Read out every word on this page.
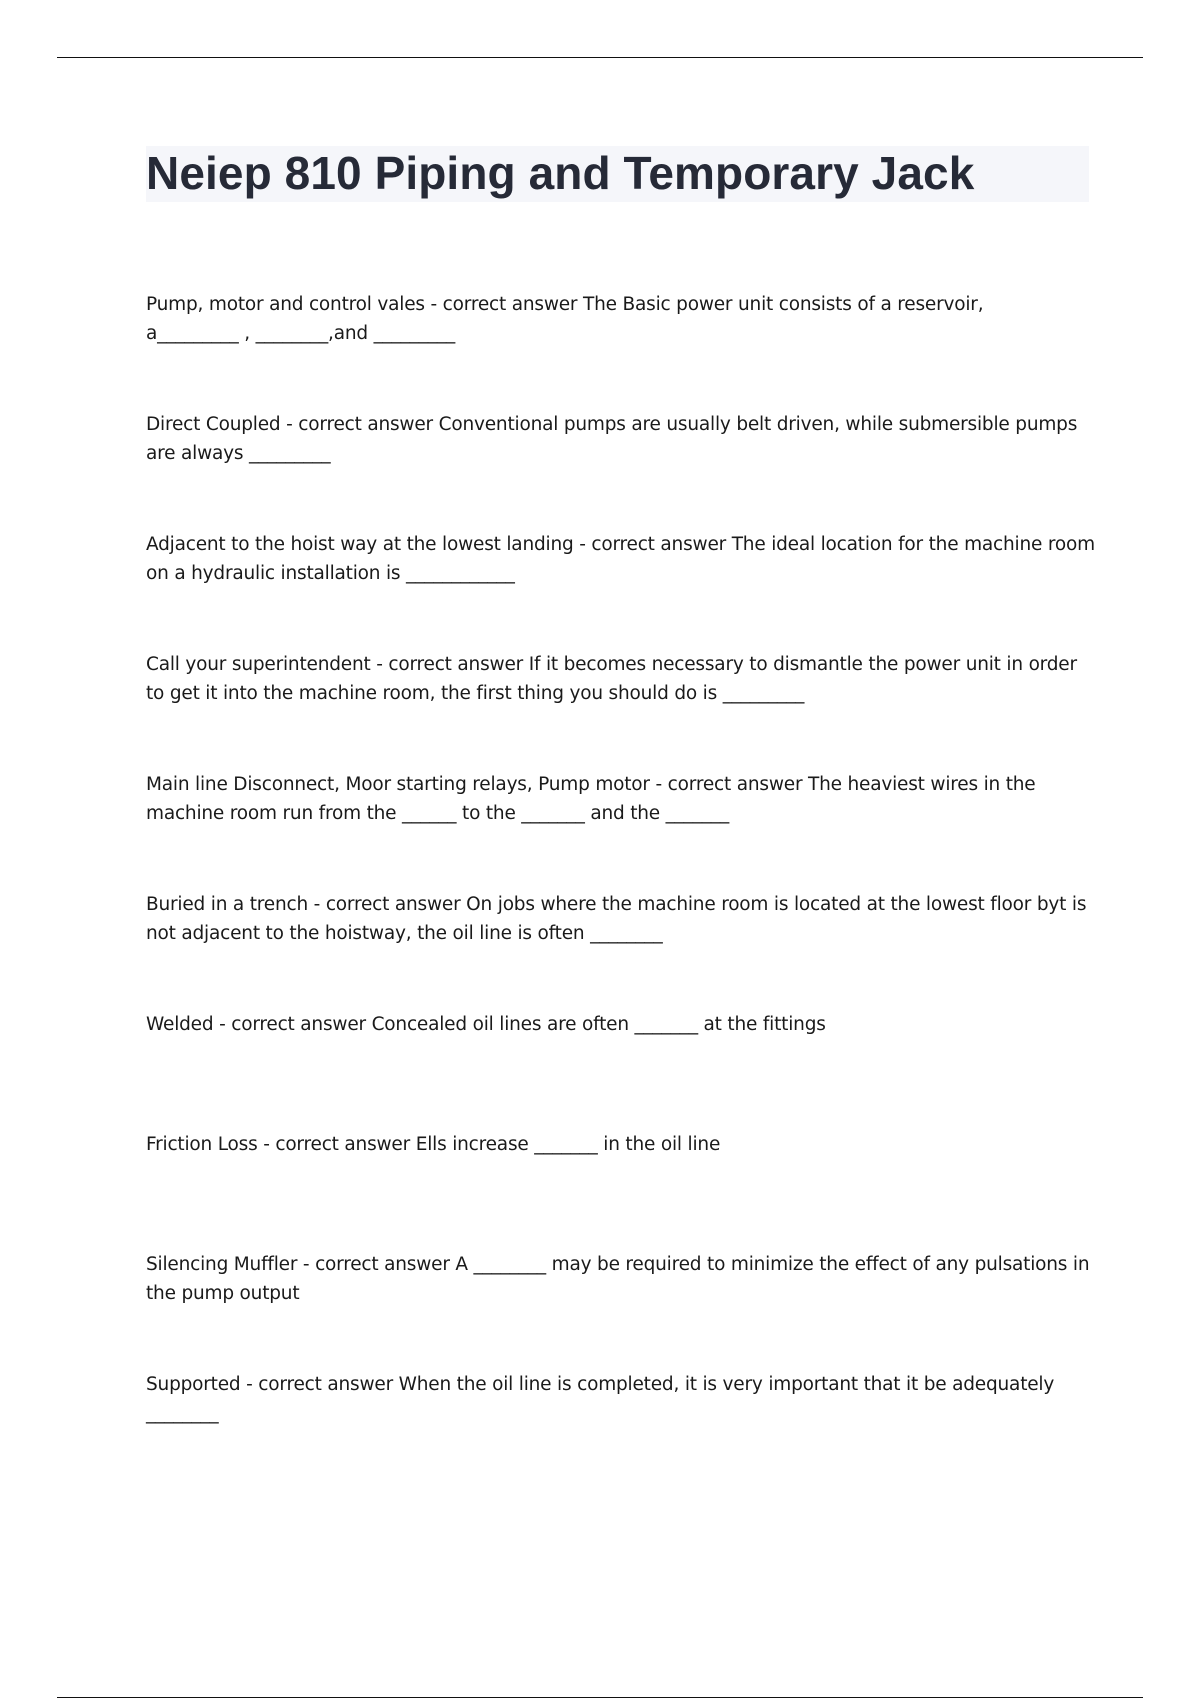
Neiep 810 Piping and Temporary Jack

Pump, motor and control vales - correct answer The Basic power unit consists of a reservoir,
a_________ , ________,and _________

Direct Coupled - correct answer Conventional pumps are usually belt driven, while submersible pumps
are always _________

Adjacent to the hoist way at the lowest landing - correct answer The ideal location for the machine room
on a hydraulic installation is ____________

Call your superintendent - correct answer If it becomes necessary to dismantle the power unit in order
to get it into the machine room, the first thing you should do is _________

Main line Disconnect, Moor starting relays, Pump motor - correct answer The heaviest wires in the
machine room run from the ______ to the _______ and the _______

Buried in a trench - correct answer On jobs where the machine room is located at the lowest floor byt is
not adjacent to the hoistway, the oil line is often ________

Welded - correct answer Concealed oil lines are often _______ at the fittings

Friction Loss - correct answer Ells increase _______ in the oil line

Silencing Muffler - correct answer A ________ may be required to minimize the effect of any pulsations in
the pump output

Supported - correct answer When the oil line is completed, it is very important that it be adequately
________
